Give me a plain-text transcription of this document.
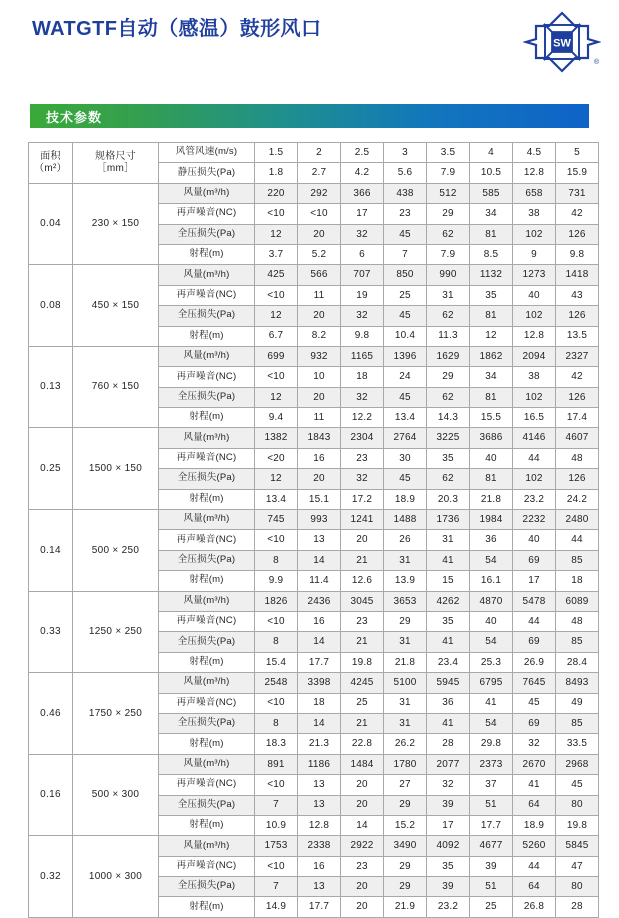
WATGTF自动（感温）鼓形风口
SW
®
技术参数
面积
（m²）

规格尺寸
［mm］
	风管风速(m/s)	1.5	2	2.5	3	3.5	4	4.5	5
		静压损失(Pa)	1.8	2.7	4.2	5.6	7.9	10.5	12.8	15.9
0.04	230 × 150	风量(m³/h)	220	292	366	438	512	585	658	731
		再声噪音(NC)	<10	<10	17	23	29	34	38	42
		全压损失(Pa)	12	20	32	45	62	81	102	126
		射程(m)	3.7	5.2	6	7	7.9	8.5	9	9.8
0.08	450 × 150	风量(m³/h)	425	566	707	850	990	1132	1273	1418
		再声噪音(NC)	<10	11	19	25	31	35	40	43
		全压损失(Pa)	12	20	32	45	62	81	102	126
		射程(m)	6.7	8.2	9.8	10.4	11.3	12	12.8	13.5
0.13	760 × 150	风量(m³/h)	699	932	1165	1396	1629	1862	2094	2327
		再声噪音(NC)	<10	10	18	24	29	34	38	42
		全压损失(Pa)	12	20	32	45	62	81	102	126
		射程(m)	9.4	11	12.2	13.4	14.3	15.5	16.5	17.4
0.25	1500 × 150	风量(m³/h)	1382	1843	2304	2764	3225	3686	4146	4607
		再声噪音(NC)	<20	16	23	30	35	40	44	48
		全压损失(Pa)	12	20	32	45	62	81	102	126
		射程(m)	13.4	15.1	17.2	18.9	20.3	21.8	23.2	24.2
0.14	500 × 250	风量(m³/h)	745	993	1241	1488	1736	1984	2232	2480
		再声噪音(NC)	<10	13	20	26	31	36	40	44
		全压损失(Pa)	8	14	21	31	41	54	69	85
		射程(m)	9.9	11.4	12.6	13.9	15	16.1	17	18
0.33	1250 × 250	风量(m³/h)	1826	2436	3045	3653	4262	4870	5478	6089
		再声噪音(NC)	<10	16	23	29	35	40	44	48
		全压损失(Pa)	8	14	21	31	41	54	69	85
		射程(m)	15.4	17.7	19.8	21.8	23.4	25.3	26.9	28.4
0.46	1750 × 250	风量(m³/h)	2548	3398	4245	5100	5945	6795	7645	8493
		再声噪音(NC)	<10	18	25	31	36	41	45	49
		全压损失(Pa)	8	14	21	31	41	54	69	85
		射程(m)	18.3	21.3	22.8	26.2	28	29.8	32	33.5
0.16	500 × 300	风量(m³/h)	891	1186	1484	1780	2077	2373	2670	2968
		再声噪音(NC)	<10	13	20	27	32	37	41	45
		全压损失(Pa)	7	13	20	29	39	51	64	80
		射程(m)	10.9	12.8	14	15.2	17	17.7	18.9	19.8
0.32	1000 × 300	风量(m³/h)	1753	2338	2922	3490	4092	4677	5260	5845
		再声噪音(NC)	<10	16	23	29	35	39	44	47
		全压损失(Pa)	7	13	20	29	39	51	64	80
		射程(m)	14.9	17.7	20	21.9	23.2	25	26.8	28
